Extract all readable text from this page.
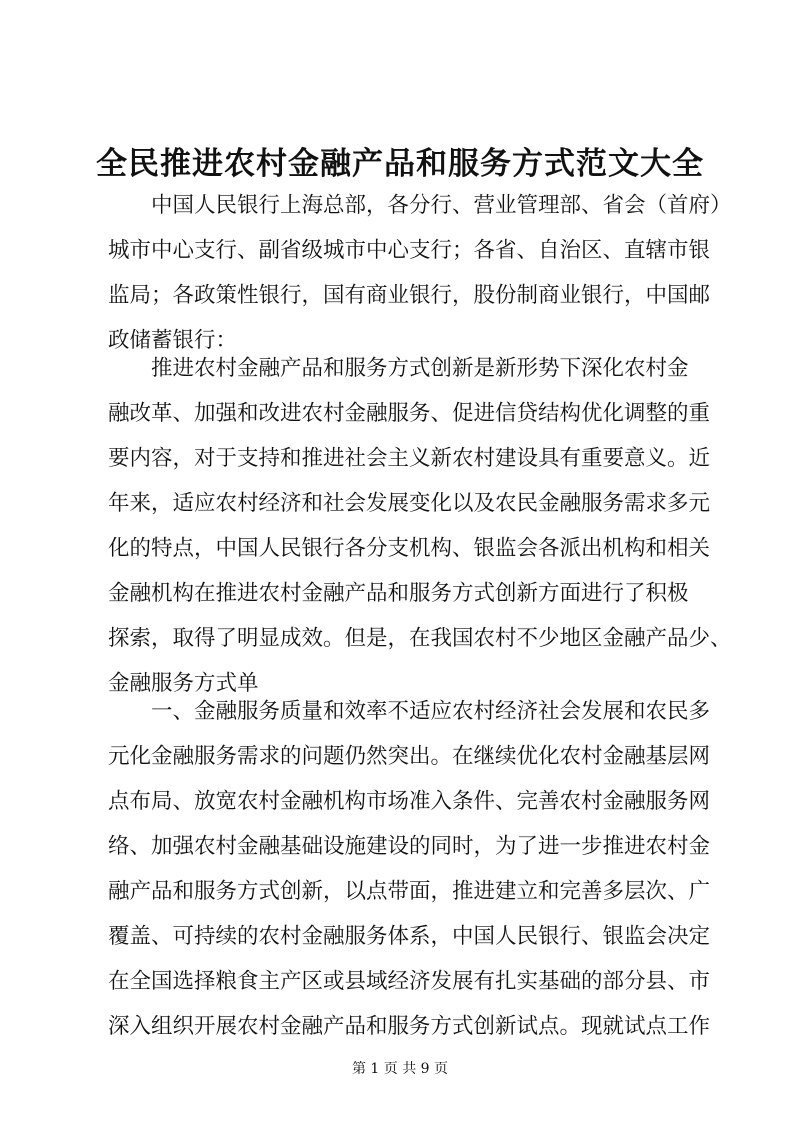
全民推进农村金融产品和服务方式范文大全
中国人民银行上海总部，各分行、营业管理部、省会（首府）
城市中心支行、副省级城市中心支行；各省、自治区、直辖市银
监局；各政策性银行，国有商业银行，股份制商业银行，中国邮
政储蓄银行：
推进农村金融产品和服务方式创新是新形势下深化农村金
融改革、加强和改进农村金融服务、促进信贷结构优化调整的重
要内容，对于支持和推进社会主义新农村建设具有重要意义。近
年来，适应农村经济和社会发展变化以及农民金融服务需求多元
化的特点，中国人民银行各分支机构、银监会各派出机构和相关
金融机构在推进农村金融产品和服务方式创新方面进行了积极
探索，取得了明显成效。但是，在我国农村不少地区金融产品少、
金融服务方式单
一、金融服务质量和效率不适应农村经济社会发展和农民多
元化金融服务需求的问题仍然突出。在继续优化农村金融基层网
点布局、放宽农村金融机构市场准入条件、完善农村金融服务网
络、加强农村金融基础设施建设的同时，为了进一步推进农村金
融产品和服务方式创新，以点带面，推进建立和完善多层次、广
覆盖、可持续的农村金融服务体系，中国人民银行、银监会决定
在全国选择粮食主产区或县域经济发展有扎实基础的部分县、市
深入组织开展农村金融产品和服务方式创新试点。现就试点工作
第 1 页 共 9 页
